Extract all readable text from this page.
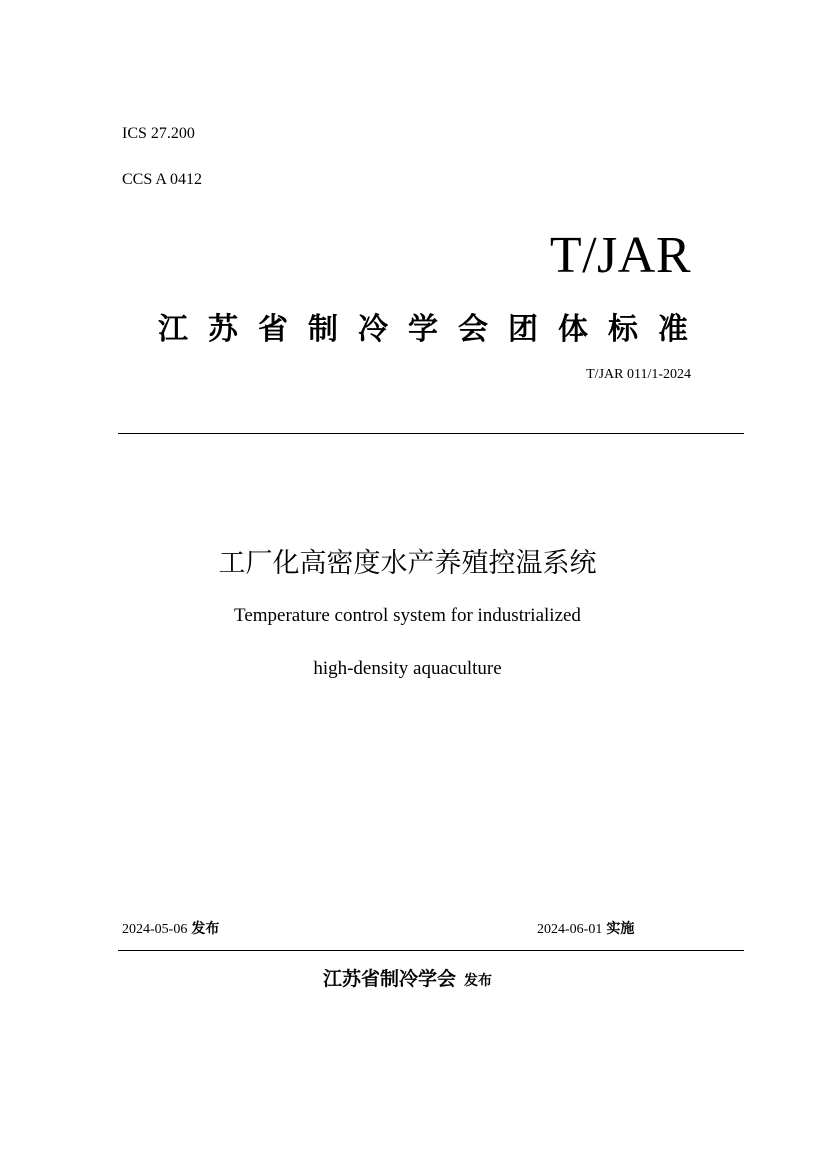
ICS 27.200
CCS A 0412
T/JAR
江苏省制冷学会团体标准
T/JAR 011/1-2024
工厂化高密度水产养殖控温系统
Temperature control system for industrialized
high-density aquaculture
2024-05-06 发布	2024-06-01 实施
江苏省制冷学会 发布
